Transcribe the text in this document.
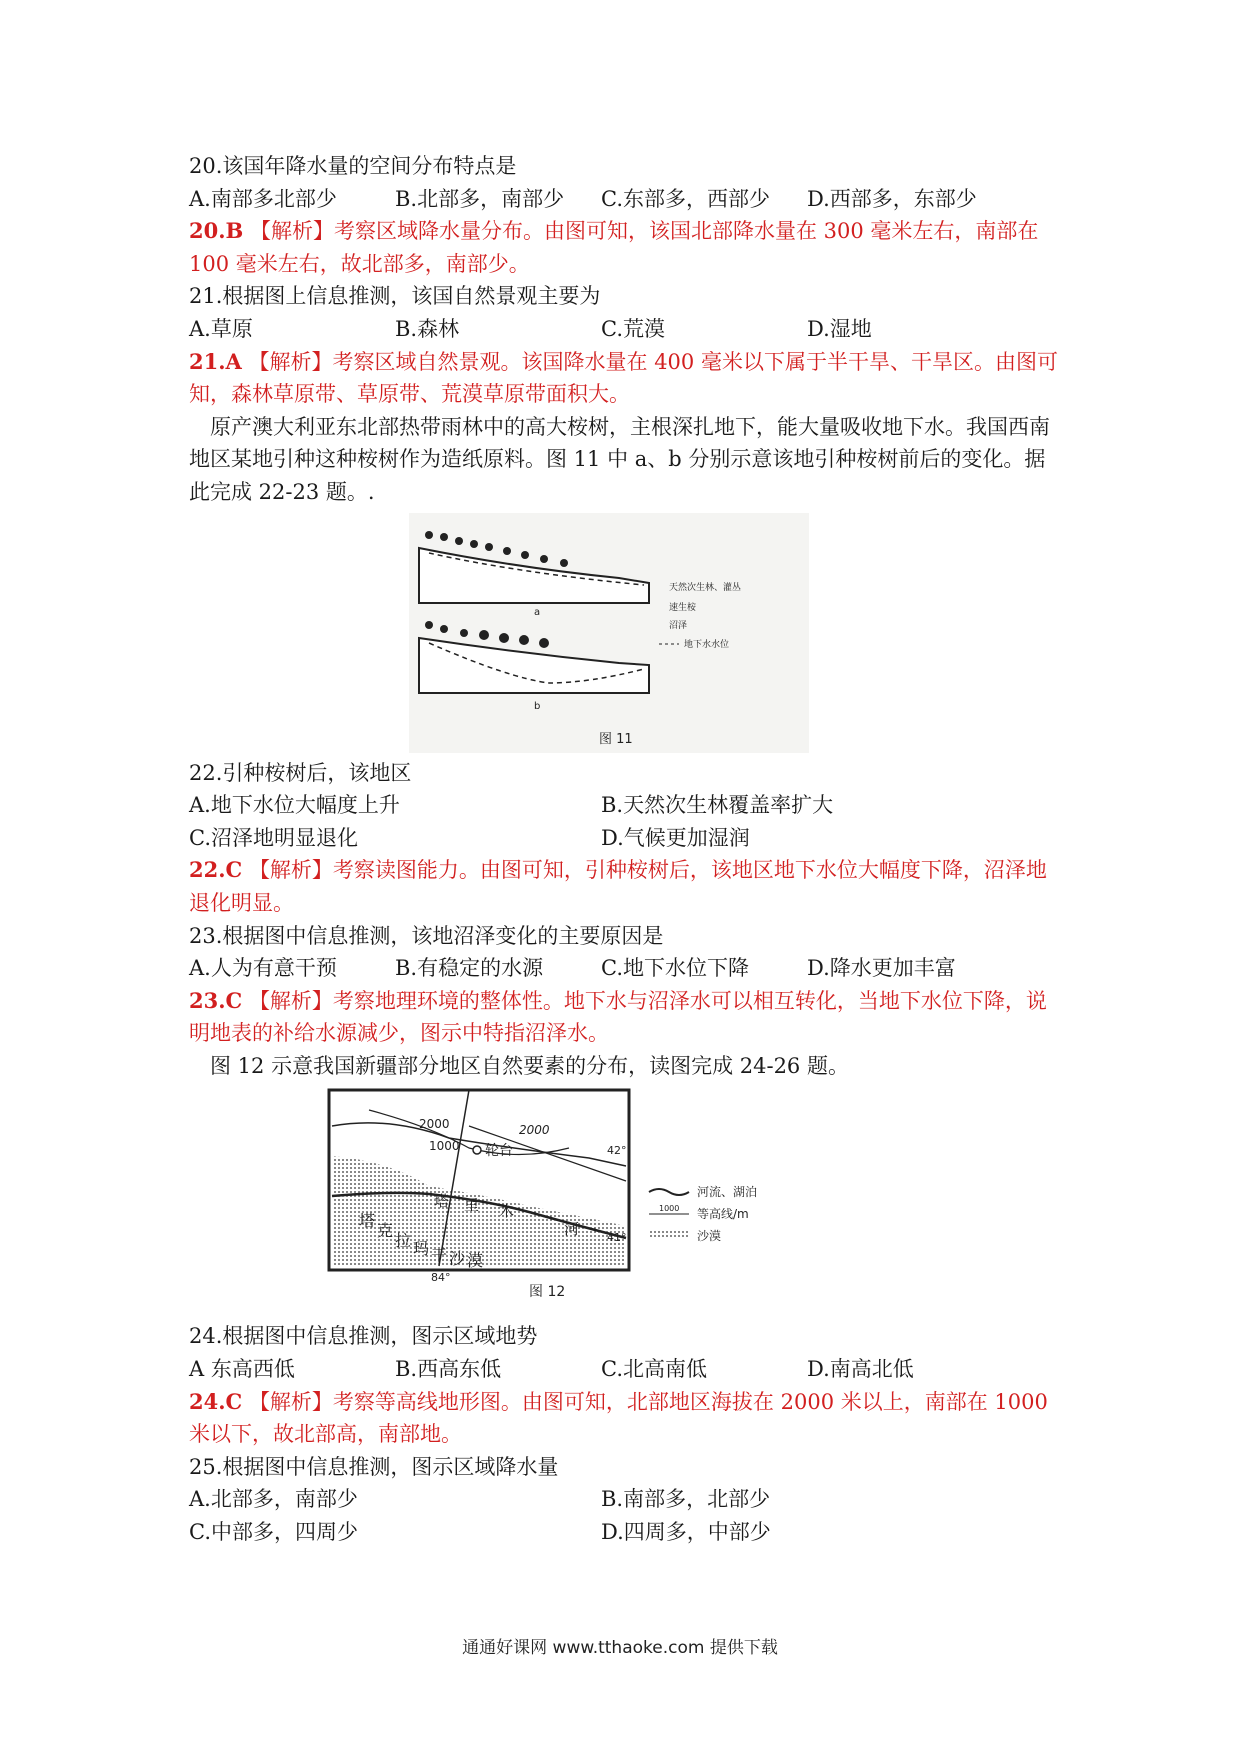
20.该国年降水量的空间分布特点是
A.南部多北部少	B.北部多，南部少	C.东部多，西部少	D.西部多，东部少
20.B 【解析】考察区域降水量分布。由图可知，该国北部降水量在 300 毫米左右，南部在 100 毫米左右，故北部多，南部少。
21.根据图上信息推测，该国自然景观主要为
A.草原	B.森林	C.荒漠	D.湿地
21.A 【解析】考察区域自然景观。该国降水量在 400 毫米以下属于半干旱、干旱区。由图可知，森林草原带、草原带、荒漠草原带面积大。
原产澳大利亚东北部热带雨林中的高大桉树，主根深扎地下，能大量吸收地下水。我国西南地区某地引种这种桉树作为造纸原料。图 11 中 a、b 分别示意该地引种桉树前后的变化。据此完成 22-23 题。.
a
b
天然次生林、灌丛
速生桉
沼泽
地下水水位
图 11
22.引种桉树后，该地区
A.地下水位大幅度上升	B.天然次生林覆盖率扩大
C.沼泽地明显退化	D.气候更加湿润
22.C 【解析】考察读图能力。由图可知，引种桉树后，该地区地下水位大幅度下降，沼泽地退化明显。
23.根据图中信息推测，该地沼泽变化的主要原因是
A.人为有意干预	B.有稳定的水源	C.地下水位下降	D.降水更加丰富
23.C 【解析】考察地理环境的整体性。地下水与沼泽水可以相互转化，当地下水位下降，说明地表的补给水源减少，图示中特指沼泽水。
图 12 示意我国新疆部分地区自然要素的分布，读图完成 24-26 题。
2000	2000
1000 轮台	42°
41°
84°
塔
克
拉 玛 干 沙 漠
塔 里 木
河
河流、湖泊
1000 等高线/m
沙漠
图 12
24.根据图中信息推测，图示区域地势
A 东高西低	B.西高东低	C.北高南低	D.南高北低
24.C 【解析】考察等高线地形图。由图可知，北部地区海拔在 2000 米以上，南部在 1000 米以下，故北部高，南部地。
25.根据图中信息推测，图示区域降水量
A.北部多，南部少	B.南部多，北部少
C.中部多，四周少	D.四周多，中部少
通通好课网 www.tthaoke.com 提供下载
